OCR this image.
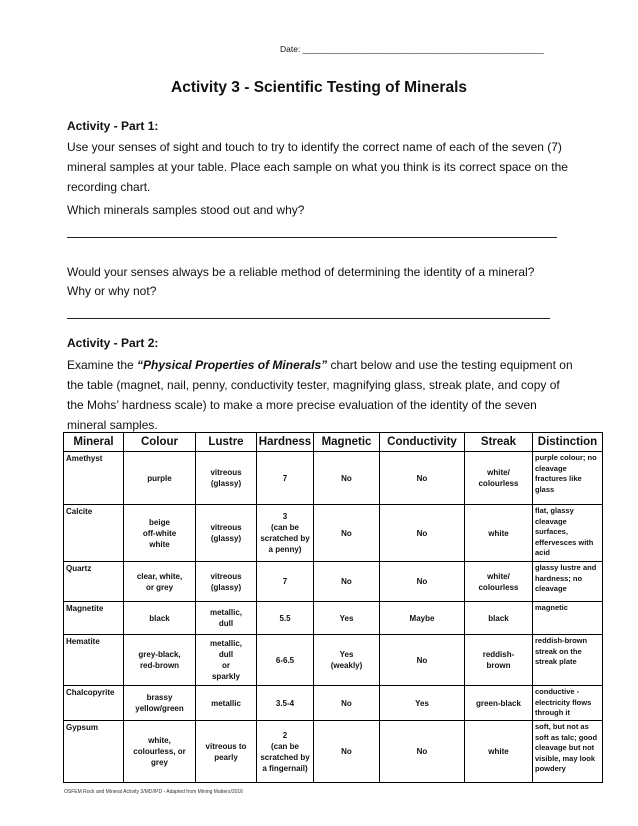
Date: ___________________________________________________
Activity 3 - Scientific Testing of Minerals
Activity - Part 1:
Use your senses of sight and touch to try to identify the correct name of each of the seven (7) mineral samples at your table. Place each sample on what you think is its correct space on the recording chart.
Which minerals samples stood out and why?
Would your senses always be a reliable method of determining the identity of a mineral?
Why or why not?
Activity - Part 2:
Examine the “Physical Properties of Minerals” chart below and use the testing equipment on the table (magnet, nail, penny, conductivity tester, magnifying glass, streak plate, and copy of the Mohs’ hardness scale) to make a more precise evaluation of the identity of the seven mineral samples.
Mineral	Colour	Lustre	Hardness	Magnetic	Conductivity	Streak	Distinction
Amethyst	purple	vitreous
(glassy)	7	No	No	white/
colourless	purple colour; no cleavage fractures like glass
Calcite	beige
off-white
white	vitreous
(glassy)	3
(can be
scratched by
a penny)	No	No	white	flat, glassy cleavage surfaces, effervesces with acid
Quartz	clear, white,
or grey	vitreous
(glassy)	7	No	No	white/
colourless	glassy lustre and hardness; no cleavage
Magnetite	black	metallic,
dull	5.5	Yes	Maybe	black	magnetic
Hematite	grey-black,
red-brown	metallic,
dull
or
sparkly	6-6.5	Yes
(weakly)	No	reddish-
brown	reddish-brown streak on the streak plate
Chalcopyrite	brassy
yellow/green	metallic	3.5-4	No	Yes	green-black	conductive - electricity flows through it
Gypsum	white,
colourless, or
grey	vitreous to
pearly	2
(can be
scratched by
a fingernail)	No	No	white	soft, but not as soft as talc; good cleavage but not visible, may look powdery
OSFEM Rock and Mineral Activity 3/MD/IPD - Adapted from Mining Matters/2016
